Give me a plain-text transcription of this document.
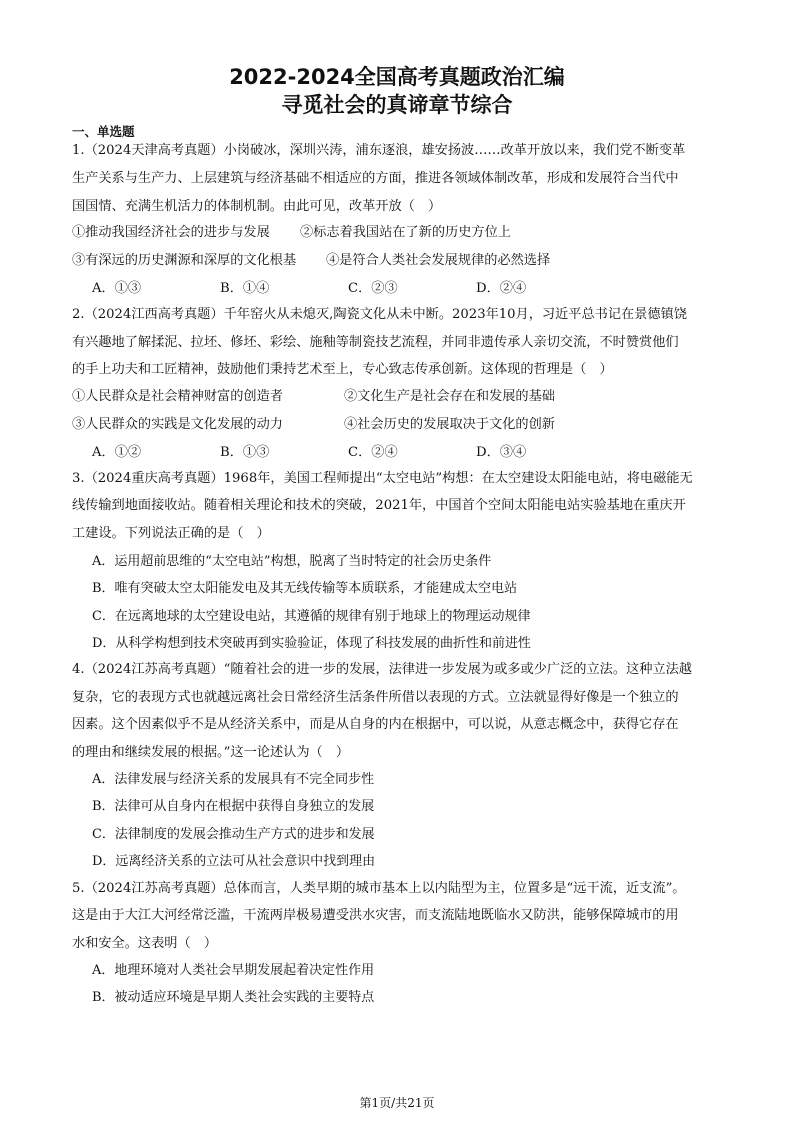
2022-2024全国高考真题政治汇编
寻觅社会的真谛章节综合
一、单选题
1.（2024天津高考真题）小岗破冰，深圳兴涛，浦东逐浪，雄安扬波……改革开放以来，我们党不断变革
生产关系与生产力、上层建筑与经济基础不相适应的方面，推进各领域体制改革，形成和发展符合当代中
国国情、充满生机活力的体制机制。由此可见，改革开放（　）
①推动我国经济社会的进步与发展 ②标志着我国站在了新的历史方位上
③有深远的历史渊源和深厚的文化根基 ④是符合人类社会发展规律的必然选择
A．①③	B．①④	C．②③	D．②④
2.（2024江西高考真题）千年窑火从未熄灭,陶瓷文化从未中断。2023年10月，习近平总书记在景德镇饶
有兴趣地了解揉泥、拉坯、修坯、彩绘、施釉等制瓷技艺流程，并同非遗传承人亲切交流，不时赞赏他们
的手上功夫和工匠精神，鼓励他们秉持艺术至上，专心致志传承创新。这体现的哲理是（　）
①人民群众是社会精神财富的创造者	②文化生产是社会存在和发展的基础
③人民群众的实践是文化发展的动力	④社会历史的发展取决于文化的创新
A．①②	B．①③	C．②④	D．③④
3.（2024重庆高考真题）1968年，美国工程师提出“太空电站”构想：在太空建设太阳能电站，将电磁能无
线传输到地面接收站。随着相关理论和技术的突破，2021年，中国首个空间太阳能电站实验基地在重庆开
工建设。下列说法正确的是（　）
A．运用超前思维的“太空电站”构想，脱离了当时特定的社会历史条件
B．唯有突破太空太阳能发电及其无线传输等本质联系，才能建成太空电站
C．在远离地球的太空建设电站，其遵循的规律有别于地球上的物理运动规律
D．从科学构想到技术突破再到实验验证，体现了科技发展的曲折性和前进性
4.（2024江苏高考真题）“随着社会的进一步的发展，法律进一步发展为或多或少广泛的立法。这种立法越
复杂，它的表现方式也就越远离社会日常经济生活条件所借以表现的方式。立法就显得好像是一个独立的
因素。这个因素似乎不是从经济关系中，而是从自身的内在根据中，可以说，从意志概念中，获得它存在
的理由和继续发展的根据。”这一论述认为（　）
A．法律发展与经济关系的发展具有不完全同步性
B．法律可从自身内在根据中获得自身独立的发展
C．法律制度的发展会推动生产方式的进步和发展
D．远离经济关系的立法可从社会意识中找到理由
5.（2024江苏高考真题）总体而言，人类早期的城市基本上以内陆型为主，位置多是“远干流，近支流”。
这是由于大江大河经常泛滥，干流两岸极易遭受洪水灾害，而支流陆地既临水又防洪，能够保障城市的用
水和安全。这表明（　）
A．地理环境对人类社会早期发展起着决定性作用
B．被动适应环境是早期人类社会实践的主要特点
第1页/共21页
